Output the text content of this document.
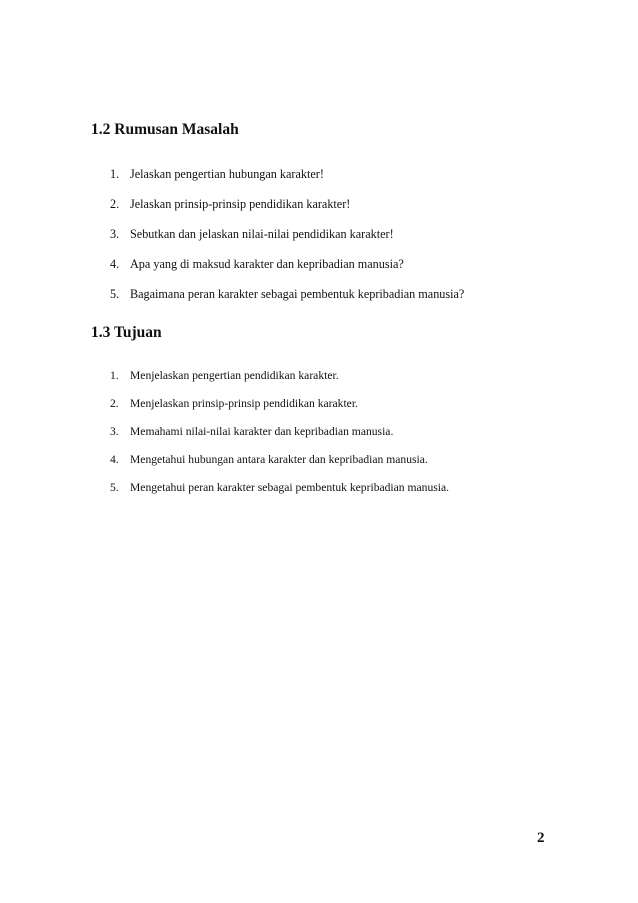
1.2 Rumusan Masalah
1. Jelaskan pengertian hubungan karakter!
2. Jelaskan prinsip-prinsip pendidikan karakter!
3. Sebutkan dan jelaskan nilai-nilai pendidikan karakter!
4. Apa yang di maksud karakter dan kepribadian manusia?
5. Bagaimana peran karakter sebagai pembentuk kepribadian manusia?
1.3 Tujuan
1. Menjelaskan pengertian pendidikan karakter.
2. Menjelaskan prinsip-prinsip pendidikan karakter.
3. Memahami nilai-nilai karakter dan kepribadian manusia.
4. Mengetahui hubungan antara karakter dan kepribadian manusia.
5. Mengetahui peran karakter sebagai pembentuk kepribadian manusia.
2
